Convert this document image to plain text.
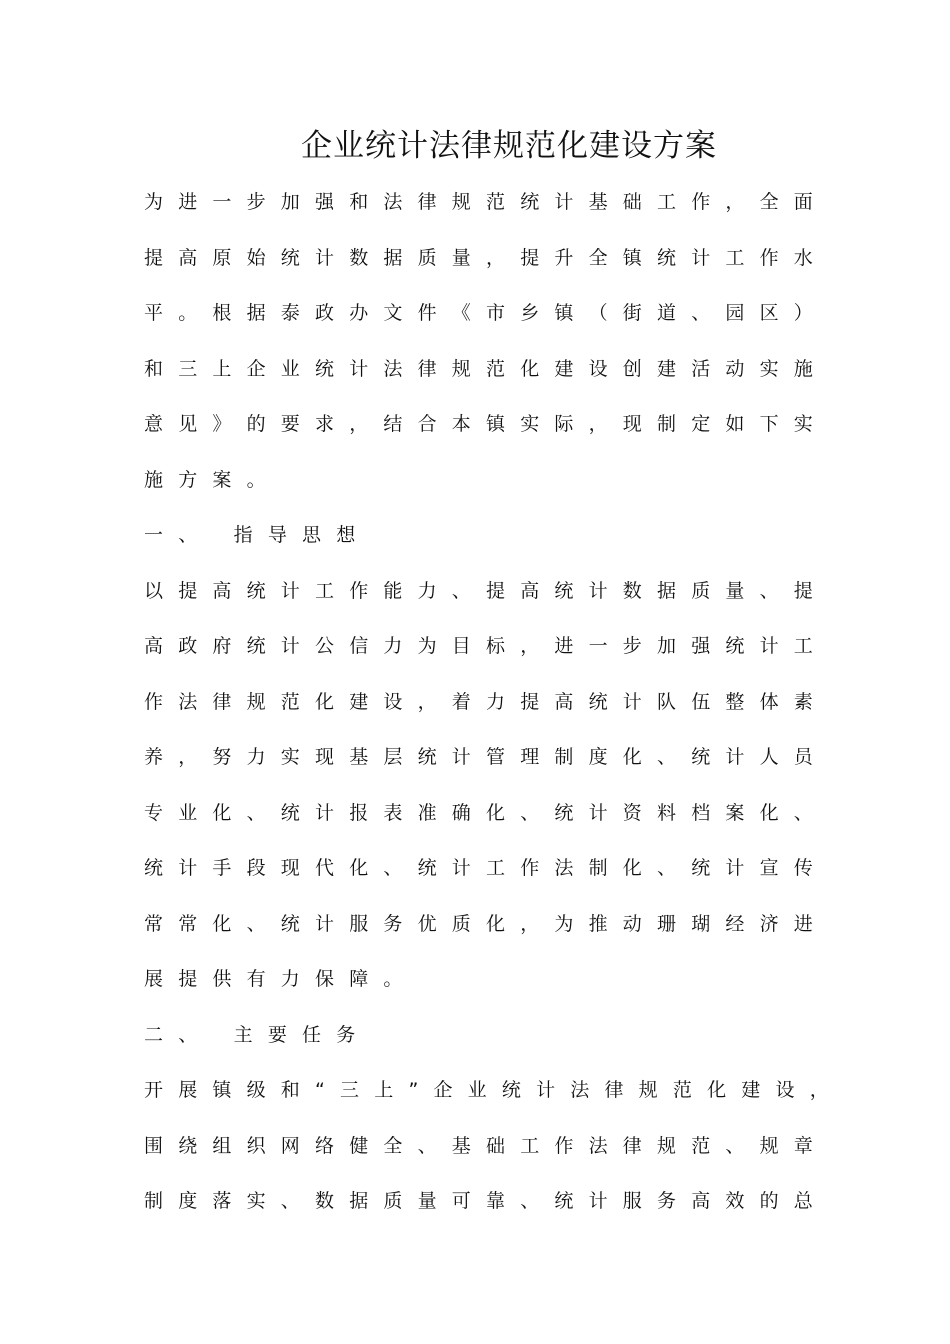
企业统计法律规范化建设方案
为进一步加强和法律规范统计基础工作，全面
提高原始统计数据质量，提升全镇统计工作水
平。根据泰政办文件《市乡镇（街道、园区）
和三上企业统计法律规范化建设创建活动实施
意见》的要求，结合本镇实际，现制定如下实
施方案。
一、 指导思想
以提高统计工作能力、提高统计数据质量、提
高政府统计公信力为目标，进一步加强统计工
作法律规范化建设，着力提高统计队伍整体素
养，努力实现基层统计管理制度化、统计人员
专业化、统计报表准确化、统计资料档案化、
统计手段现代化、统计工作法制化、统计宣传
常常化、统计服务优质化，为推动珊瑚经济进
展提供有力保障。
二、 主要任务
开展镇级和“三上”企业统计法律规范化建设，
围绕组织网络健全、基础工作法律规范、规章
制度落实、数据质量可靠、统计服务高效的总
